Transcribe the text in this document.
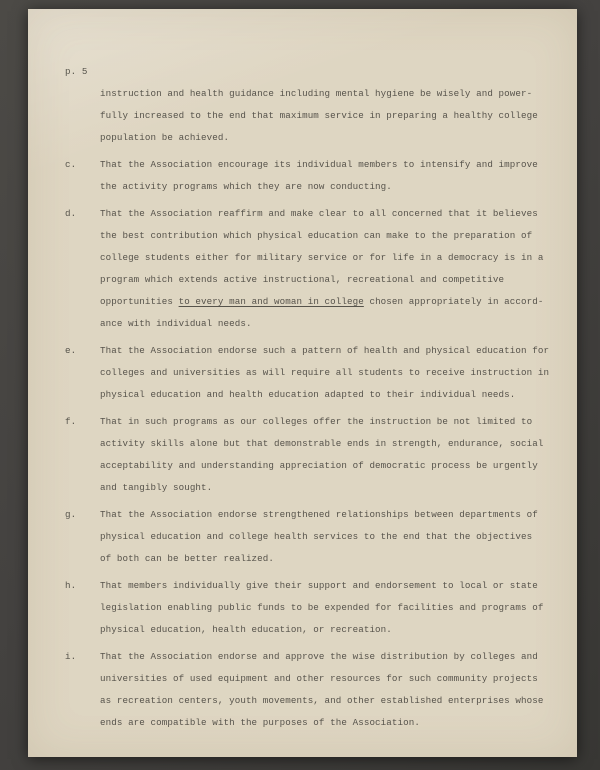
p. 5
instruction and health guidance including mental hygiene be wisely and power-
fully increased to the end that maximum service in preparing a healthy college
population be achieved.
c.	That the Association encourage its individual members to intensify and improve
the activity programs which they are now conducting.
d.	That the Association reaffirm and make clear to all concerned that it believes
the best contribution which physical education can make to the preparation of
college students either for military service or for life in a democracy is in a
program which extends active instructional, recreational and competitive
opportunities to every man and woman in college chosen appropriately in accord-
ance with individual needs.
e.	That the Association endorse such a pattern of health and physical education for
colleges and universities as will require all students to receive instruction in
physical education and health education adapted to their individual needs.
f.	That in such programs as our colleges offer the instruction be not limited to
activity skills alone but that demonstrable ends in strength, endurance, social
acceptability and understanding appreciation of democratic process be urgently
and tangibly sought.
g.	That the Association endorse strengthened relationships between departments of
physical education and college health services to the end that the objectives
of both can be better realized.
h.	That members individually give their support and endorsement to local or state
legislation enabling public funds to be expended for facilities and programs of
physical education, health education, or recreation.
i.	That the Association endorse and approve the wise distribution by colleges and
universities of used equipment and other resources for such community projects
as recreation centers, youth movements, and other established enterprises whose
ends are compatible with the purposes of the Association.
